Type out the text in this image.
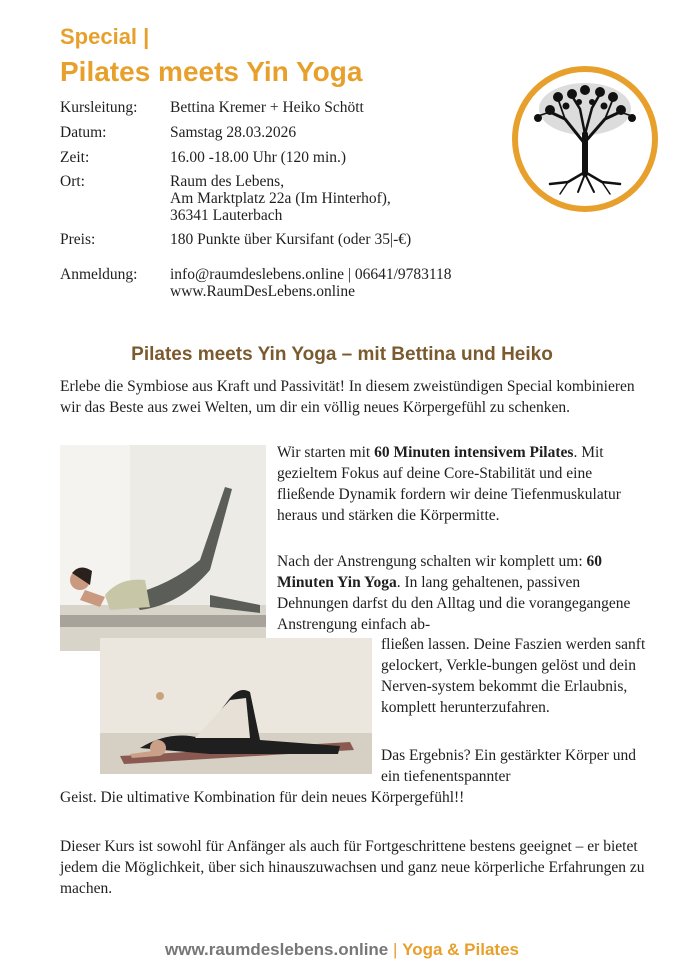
Special |
Pilates meets Yin Yoga
Kursleitung:	Bettina Kremer + Heiko Schött
Datum:	Samstag 28.03.2026
Zeit:	16.00 -18.00 Uhr (120 min.)
Ort:	Raum des Lebens,
Am Marktplatz 22a (Im Hinterhof),
36341 Lauterbach
Preis:	180 Punkte über Kursifant (oder 35|-€)
Anmeldung:	info@raumdeslebens.online | 06641/9783118
www.RaumDesLebens.online
Pilates meets Yin Yoga – mit Bettina und Heiko
Erlebe die Symbiose aus Kraft und Passivität! In diesem zweistündigen Special kombinieren wir das Beste aus zwei Welten, um dir ein völlig neues Körpergefühl zu schenken.
Wir starten mit 60 Minuten intensivem Pilates. Mit gezieltem Fokus auf deine Core-Stabilität und eine fließende Dynamik fordern wir deine Tiefenmuskulatur heraus und stärken die Körpermitte.
Nach der Anstrengung schalten wir komplett um: 60 Minuten Yin Yoga. In lang gehaltenen, passiven Dehnungen darfst du den Alltag und die vorangegangene Anstrengung einfach ab-
fließen lassen. Deine Faszien werden sanft gelockert, Verkle-bungen gelöst und dein Nerven-system bekommt die Erlaubnis, komplett herunterzufahren.
Das Ergebnis? Ein gestärkter Körper und ein tiefenentspannter
Geist. Die ultimative Kombination für dein neues Körpergefühl!!
Dieser Kurs ist sowohl für Anfänger als auch für Fortgeschrittene bestens geeignet – er bietet jedem die Möglichkeit, über sich hinauszuwachsen und ganz neue körperliche Erfahrungen zu machen.
www.raumdeslebens.online | Yoga & Pilates
